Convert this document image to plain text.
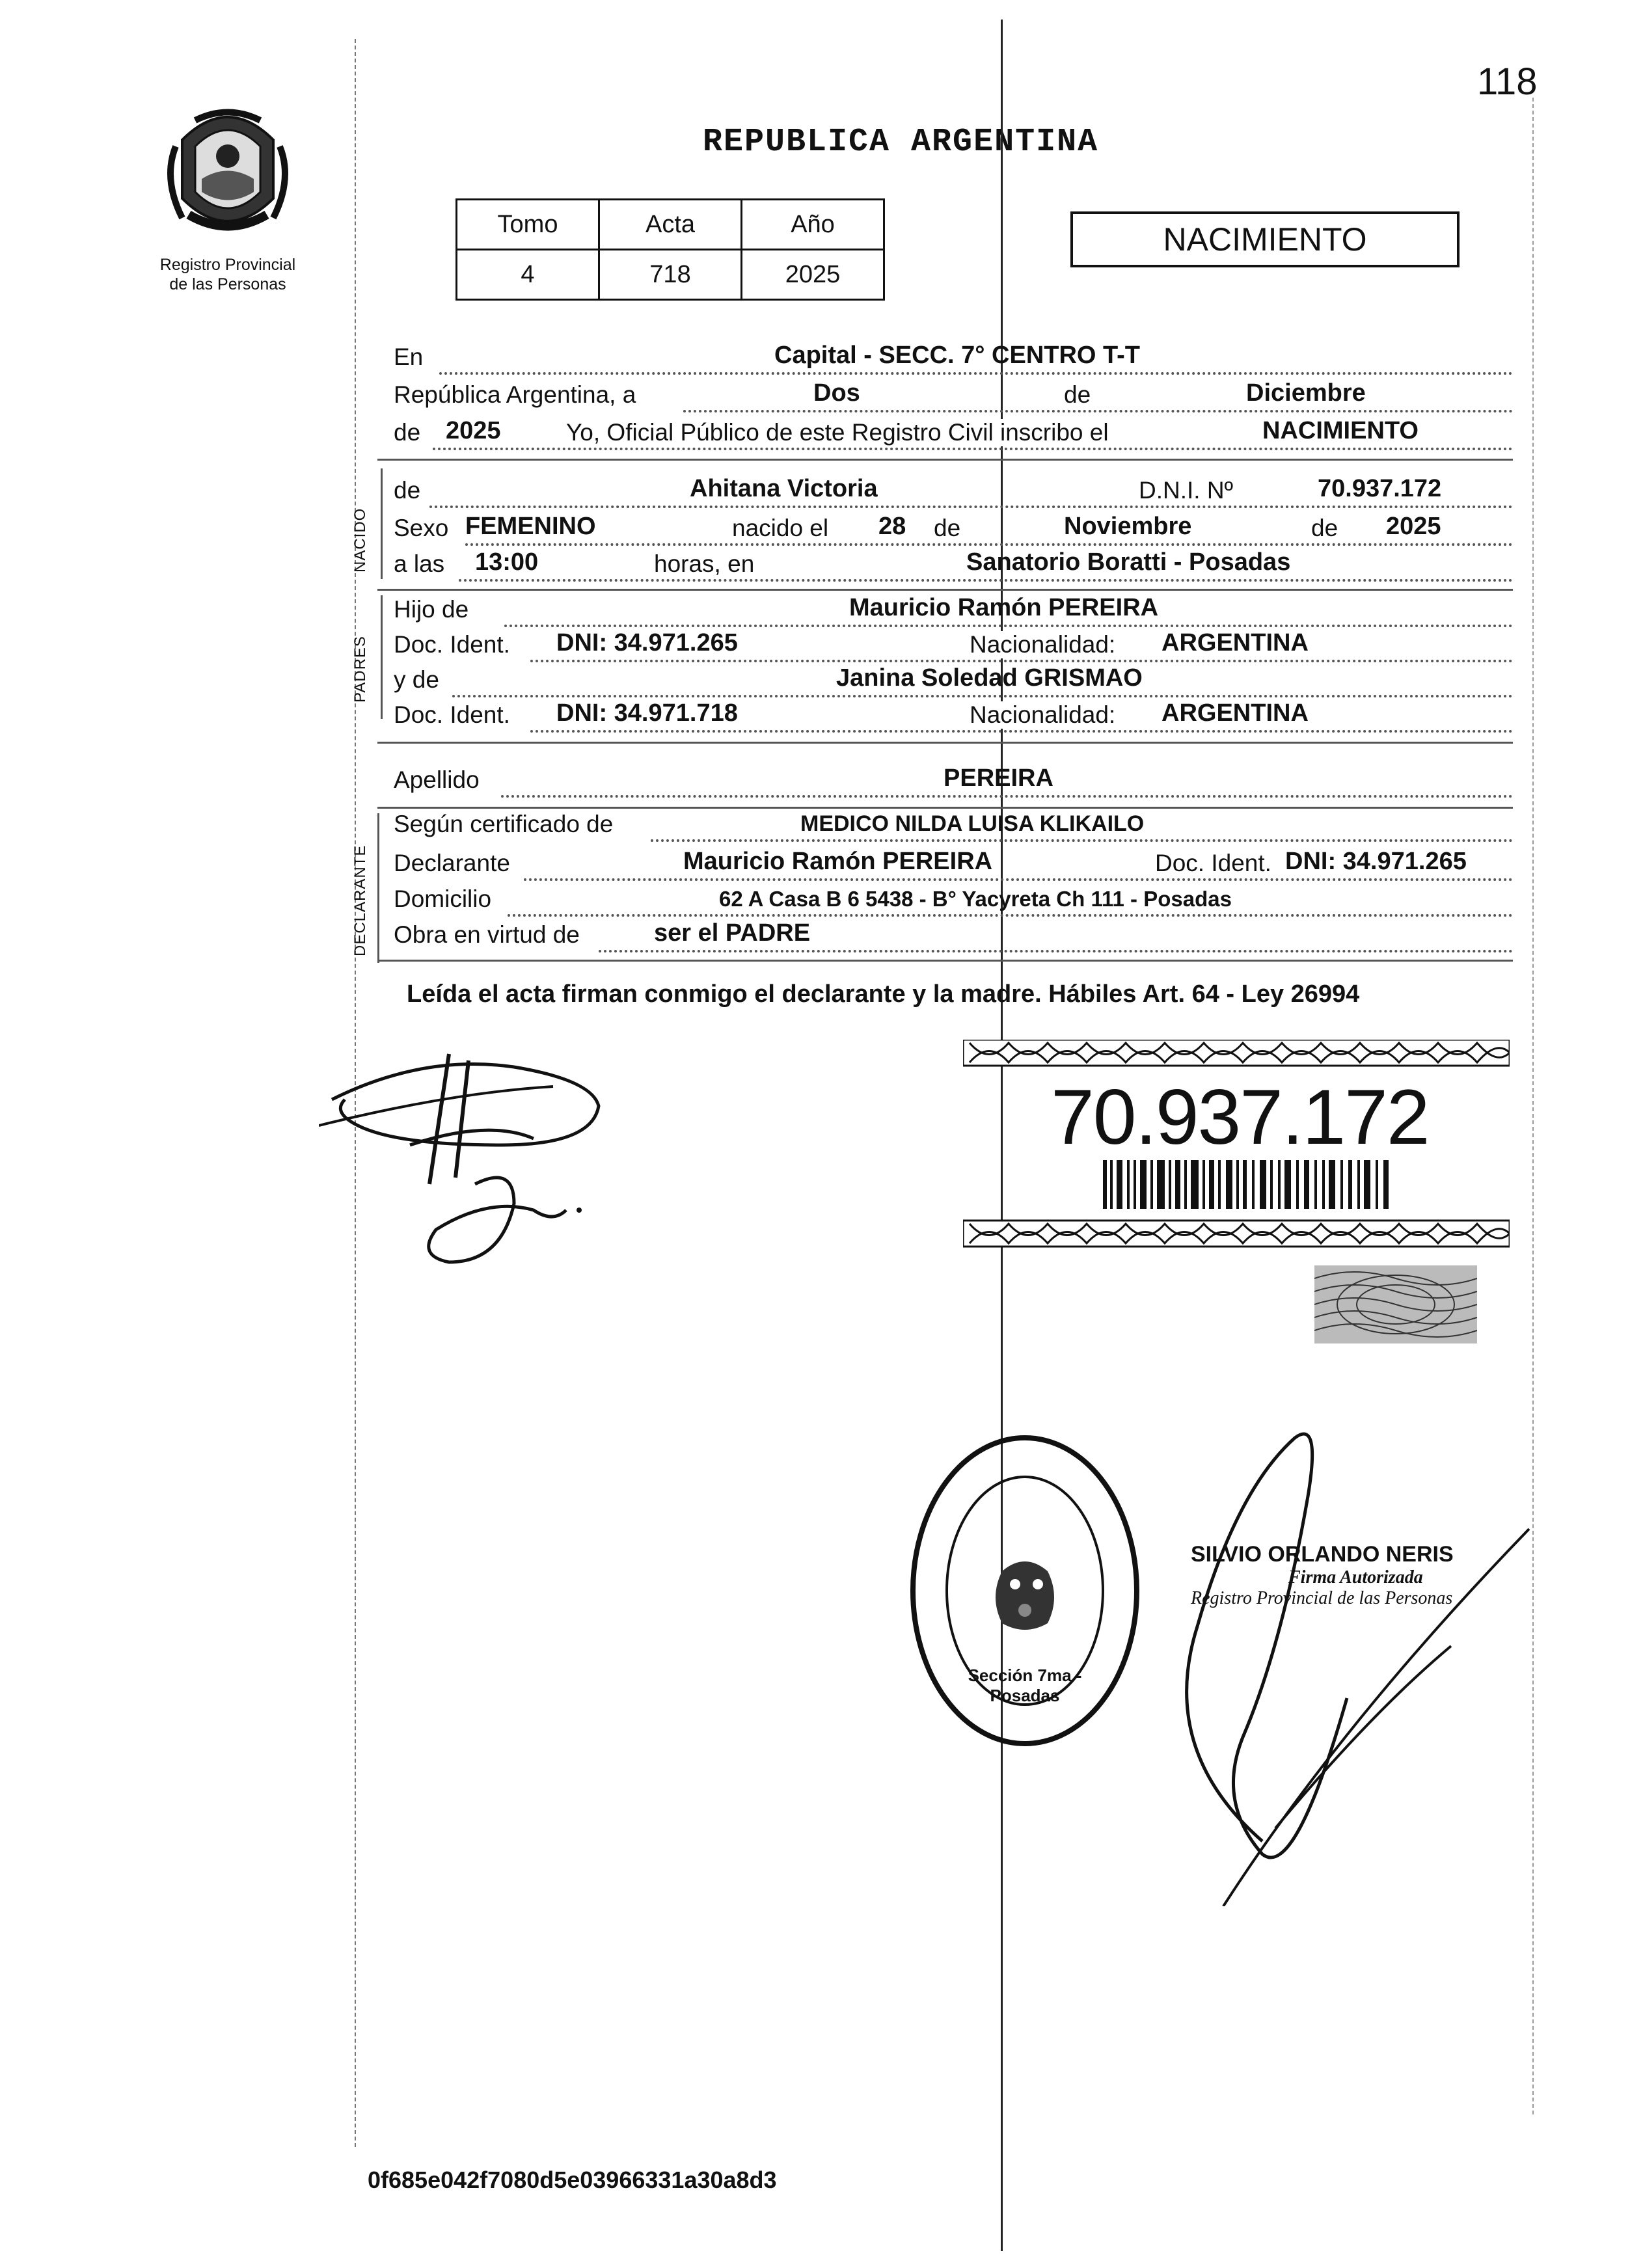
118
Registro Provincial
de las Personas
REPUBLICA ARGENTINA
Tomo	Acta	Año
4	718	2025
NACIMIENTO
En	Capital - SECC. 7° CENTRO T-T
República Argentina, a	Dos	de	Diciembre
de 2025	Yo, Oficial Público de este Registro Civil inscribo el	NACIMIENTO
NACIDO
de	Ahitana Victoria	D.N.I. Nº	70.937.172
Sexo FEMENINO	nacido el 28 de	Noviembre	de 2025
a las 13:00	horas, en	Sanatorio Boratti - Posadas
PADRES
Hijo de	Mauricio Ramón PEREIRA
Doc. Ident. DNI: 34.971.265	Nacionalidad: ARGENTINA
y de	Janina Soledad GRISMAO
Doc. Ident. DNI: 34.971.718	Nacionalidad: ARGENTINA
Apellido	PEREIRA
DECLARANTE
Según certificado de	MEDICO NILDA LUISA KLIKAILO
Declarante	Mauricio Ramón PEREIRA	Doc. Ident. DNI: 34.971.265
Domicilio	62 A Casa B 6 5438 - B° Yacyreta Ch 111 - Posadas
Obra en virtud de	ser el PADRE
Leída el acta firman conmigo el declarante y la madre. Hábiles Art. 64 - Ley 26994
70.937.172
Sección 7ma - Posadas
SILVIO ORLANDO NERIS
Firma Autorizada
Registro Provincial de las Personas
0f685e042f7080d5e03966331a30a8d3
